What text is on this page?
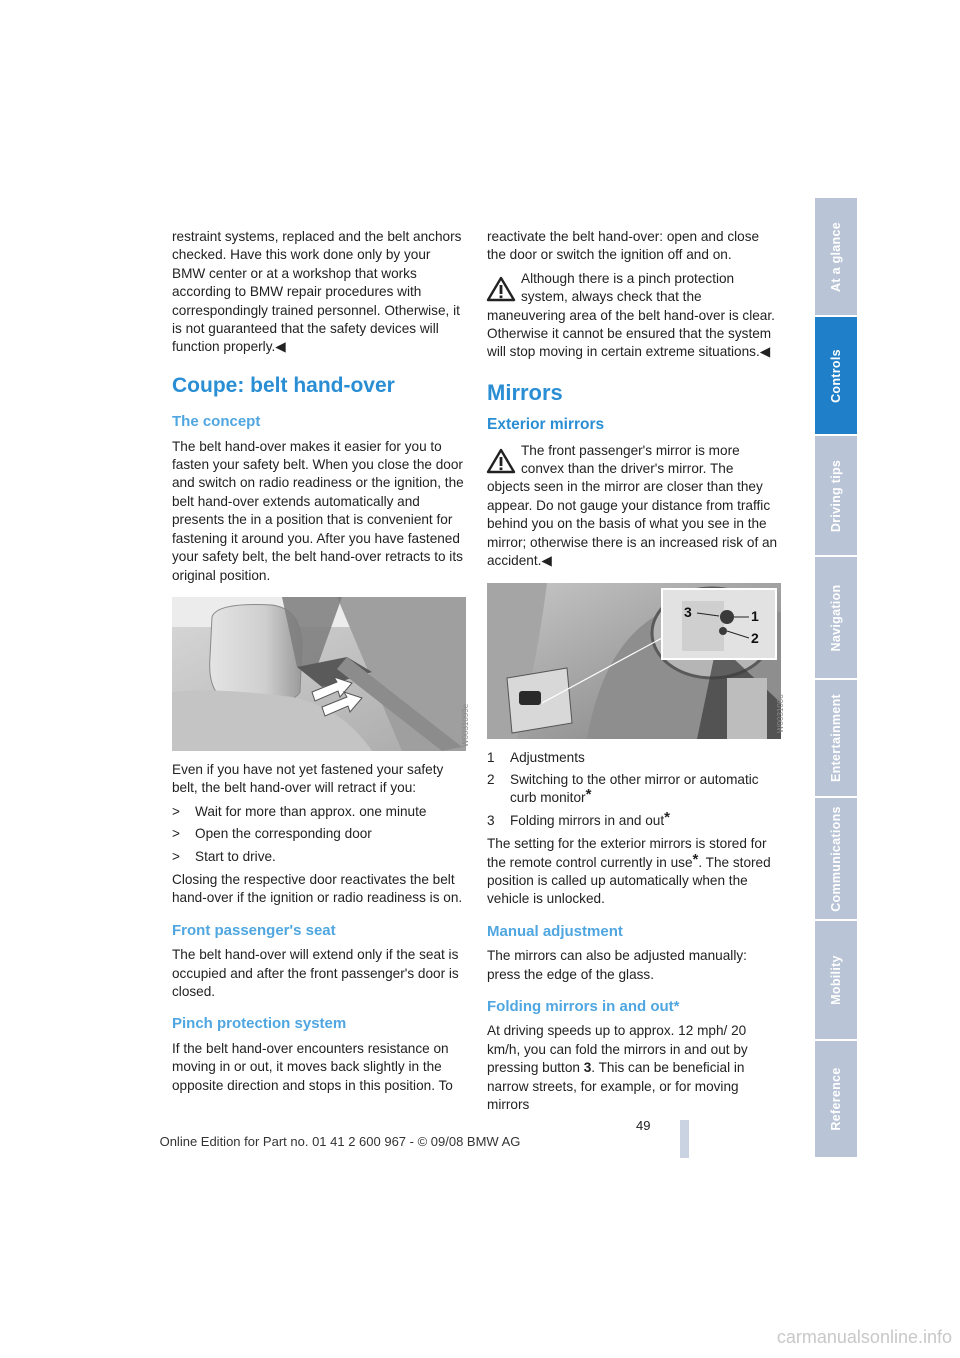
restraint systems, replaced and the belt anchors checked. Have this work done only by your BMW center or at a workshop that works according to BMW repair procedures with correspondingly trained personnel. Otherwise, it is not guaranteed that the safety devices will function properly.◀

Coupe: belt hand-over
The concept

The belt hand-over makes it easier for you to fasten your safety belt. When you close the door and switch on radio readiness or the ignition, the belt hand-over extends automatically and presents the in a position that is convenient for fastening it around you. After you have fastened your safety belt, the belt hand-over retracts to its original position.

W0031099e

Even if you have not yet fastened your safety belt, the belt hand-over will retract if you:

> Wait for more than approx. one minute
> Open the corresponding door
> Start to drive.

Closing the respective door reactivates the belt hand-over if the ignition or radio readiness is on.

Front passenger's seat

The belt hand-over will extend only if the seat is occupied and after the front passenger's door is closed.

Pinch protection system

If the belt hand-over encounters resistance on moving in or out, it moves back slightly in the opposite direction and stops in this position. To

reactivate the belt hand-over: open and close the door or switch the ignition off and on.

Although there is a pinch protection system, always check that the maneuvering area of the belt hand-over is clear. Otherwise it cannot be ensured that the system will stop moving in certain extreme situations.◀

Mirrors
Exterior mirrors

The front passenger's mirror is more convex than the driver's mirror. The objects seen in the mirror are closer than they appear. Do not gauge your distance from traffic behind you on the basis of what you see in the mirror; otherwise there is an increased risk of an accident.◀

1
2
3
W0031006
1 Adjustments
2 Switching to the other mirror or automatic curb monitor*
3 Folding mirrors in and out*

The setting for the exterior mirrors is stored for the remote control currently in use*. The stored position is called up automatically when the vehicle is unlocked.

Manual adjustment

The mirrors can also be adjusted manually: press the edge of the glass.

Folding mirrors in and out*

At driving speeds up to approx. 12 mph/ 20 km/h, you can fold the mirrors in and out by pressing button 3. This can be beneficial in narrow streets, for example, or for moving mirrors

At a glance
Controls
Driving tips
Navigation
Entertainment
Communications
Mobility
Reference
49
Online Edition for Part no. 01 41 2 600 967 - © 09/08 BMW AG
carmanualsonline.info
